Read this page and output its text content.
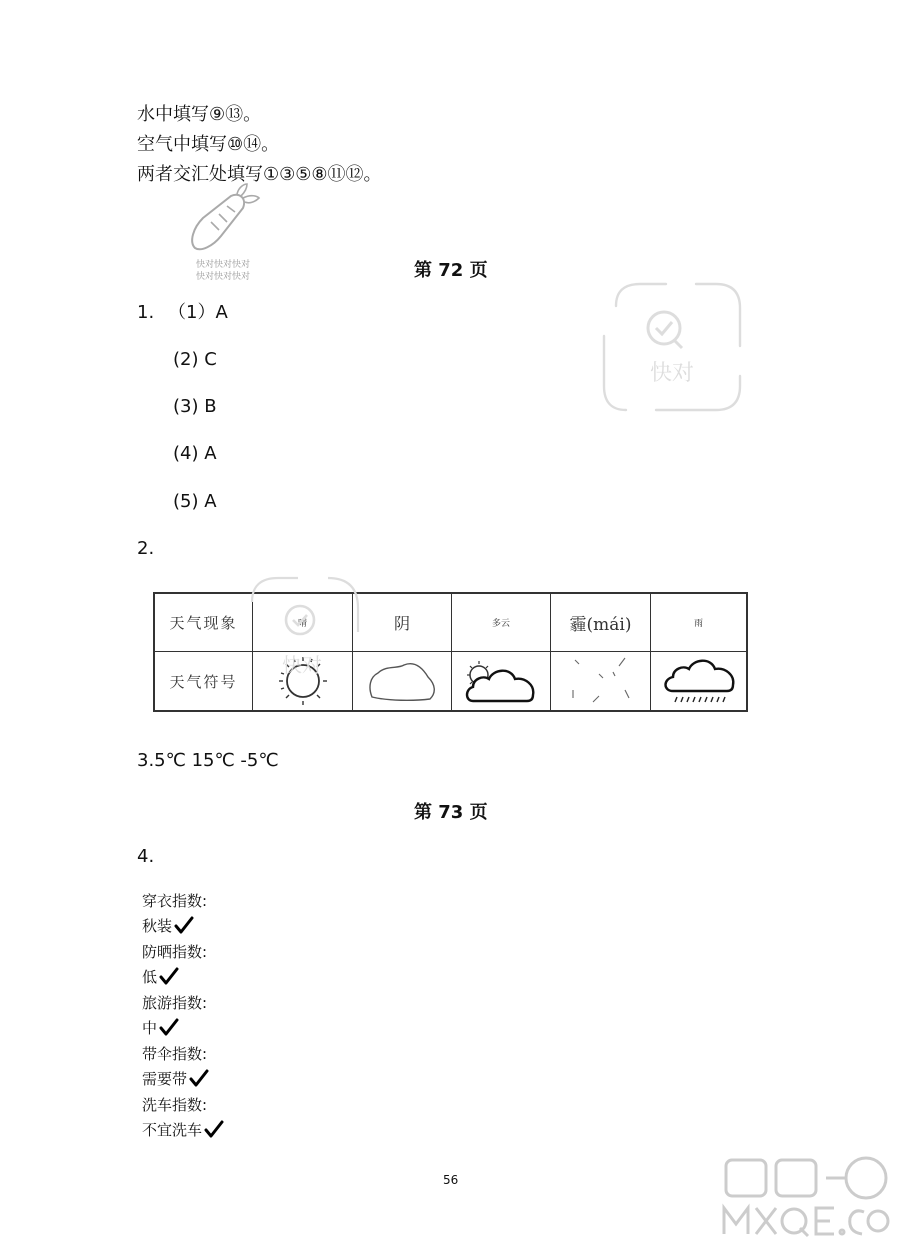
水中填写⑨⑬。
空气中填写⑩⑭。
两者交汇处填写①③⑤⑧⑪⑫。
快对快对快对
快对快对快对
快对
第 72 页
1. （1）A
(2) C
(3) B
(4) A
(5) A
2.
天气现象	晴	阴	多云	霾(mái)	雨
天气符号
快对
3.5℃ 15℃ -5℃
第 73 页
4.
穿衣指数:
秋装
防晒指数:
低
旅游指数:
中
带伞指数:
需要带
洗车指数:
不宜洗车
56
